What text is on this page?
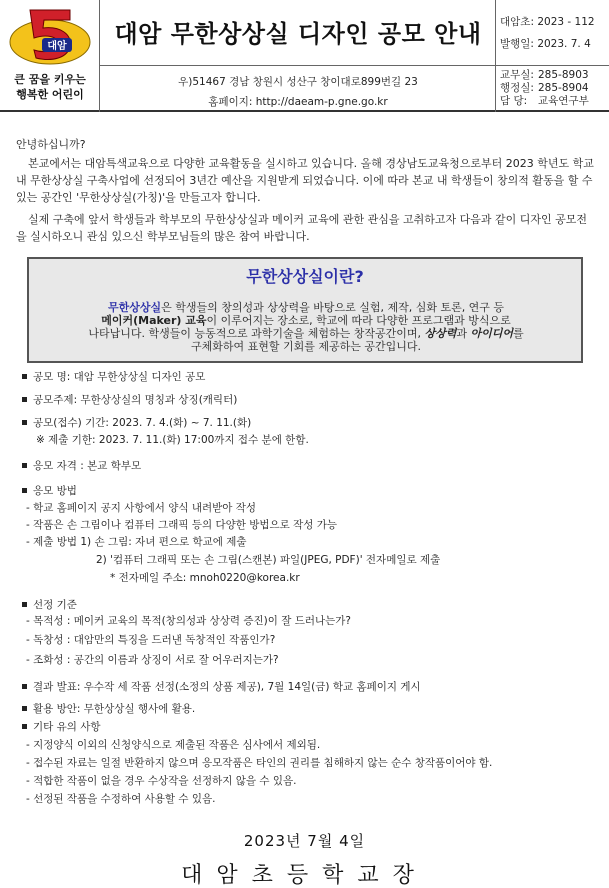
대암
큰 꿈을 키우는
행복한 어린이
대암 무한상상실 디자인 공모 안내	대암초: 2023 - 112
발행일: 2023. 7. 4
우)51467 경남 창원시 성산구 창이대로899번길 23
홈페이지: http://daeam-p.gne.go.kr
교무실: 285-8903
행정실: 285-8904
담 당: 교육연구부
안녕하십니까?
본교에서는 대암특색교육으로 다양한 교육활동을 실시하고 있습니다. 올해 경상남도교육청으로부터 2023 학년도 학교 내 무한상상실 구축사업에 선정되어 3년간 예산을 지원받게 되었습니다. 이에 따라 본교 내 학생들이 창의적 활동을 할 수 있는 공간인 '무한상상실(가칭)'을 만들고자 합니다.
실제 구축에 앞서 학생들과 학부모의 무한상상실과 메이커 교육에 관한 관심을 고취하고자 다음과 같이 디자인 공모전을 실시하오니 관심 있으신 학부모님들의 많은 참여 바랍니다.
무한상상실이란?
무한상상실은 학생들의 창의성과 상상력을 바탕으로 실험, 제작, 심화 토론, 연구 등
메이커(Maker) 교육이 이루어지는 장소로, 학교에 따라 다양한 프로그램과 방식으로
나타납니다. 학생들이 능동적으로 과학기술을 체험하는 창작공간이며, 상상력과 아이디어를
구체화하여 표현할 기회를 제공하는 공간입니다.
공모 명: 대암 무한상상실 디자인 공모
공모주제: 무한상상실의 명칭과 상징(캐릭터)
공모(접수) 기간: 2023. 7. 4.(화) ~ 7. 11.(화)
※ 제출 기한: 2023. 7. 11.(화) 17:00까지 접수 분에 한함.
응모 자격 : 본교 학부모
응모 방법
- 학교 홈페이지 공지 사항에서 양식 내려받아 작성
- 작품은 손 그림이나 컴퓨터 그래픽 등의 다양한 방법으로 작성 가능
- 제출 방법 1) 손 그림: 자녀 편으로 학교에 제출
2) '컴퓨터 그래픽 또는 손 그림(스캔본) 파일(JPEG, PDF)' 전자메일로 제출
* 전자메일 주소: mnoh0220@korea.kr
선정 기준
- 목적성 : 메이커 교육의 목적(창의성과 상상력 증진)이 잘 드러나는가?
- 독창성 : 대암만의 특징을 드러낸 독창적인 작품인가?
- 조화성 : 공간의 이름과 상징이 서로 잘 어우러지는가?
결과 발표: 우수작 세 작품 선정(소정의 상품 제공), 7월 14일(금) 학교 홈페이지 게시
활용 방안: 무한상상실 행사에 활용.
기타 유의 사항
- 지정양식 이외의 신청양식으로 제출된 작품은 심사에서 제외됨.
- 접수된 자료는 일절 반환하지 않으며 응모작품은 타인의 권리를 침해하지 않는 순수 창작품이어야 함.
- 적합한 작품이 없을 경우 수상작을 선정하지 않을 수 있음.
- 선정된 작품을 수정하여 사용할 수 있음.
2023년 7월 4일
대암초등학교장
